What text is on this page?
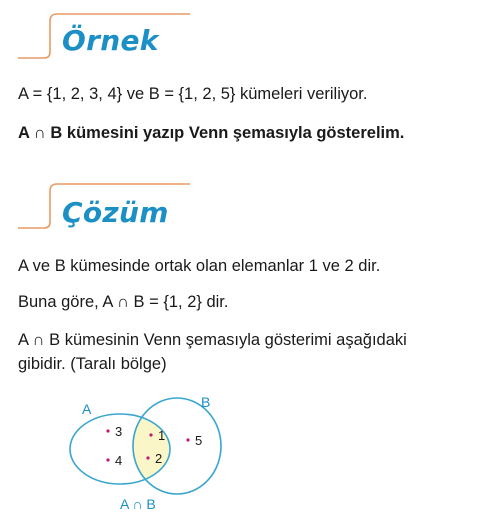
Örnek
A = {1, 2, 3, 4} ve B = {1, 2, 5} kümeleri veriliyor.
A ∩ B kümesini yazıp Venn şemasıyla gösterelim.
Çözüm
A ve B kümesinde ortak olan elemanlar 1 ve 2 dir.
Buna göre, A ∩ B = {1, 2} dir.
A ∩ B kümesinin Venn şemasıyla gösterimi aşağıdaki
gibidir. (Taralı bölge)
A	B
A ∩ B
3
4
1
2
5
